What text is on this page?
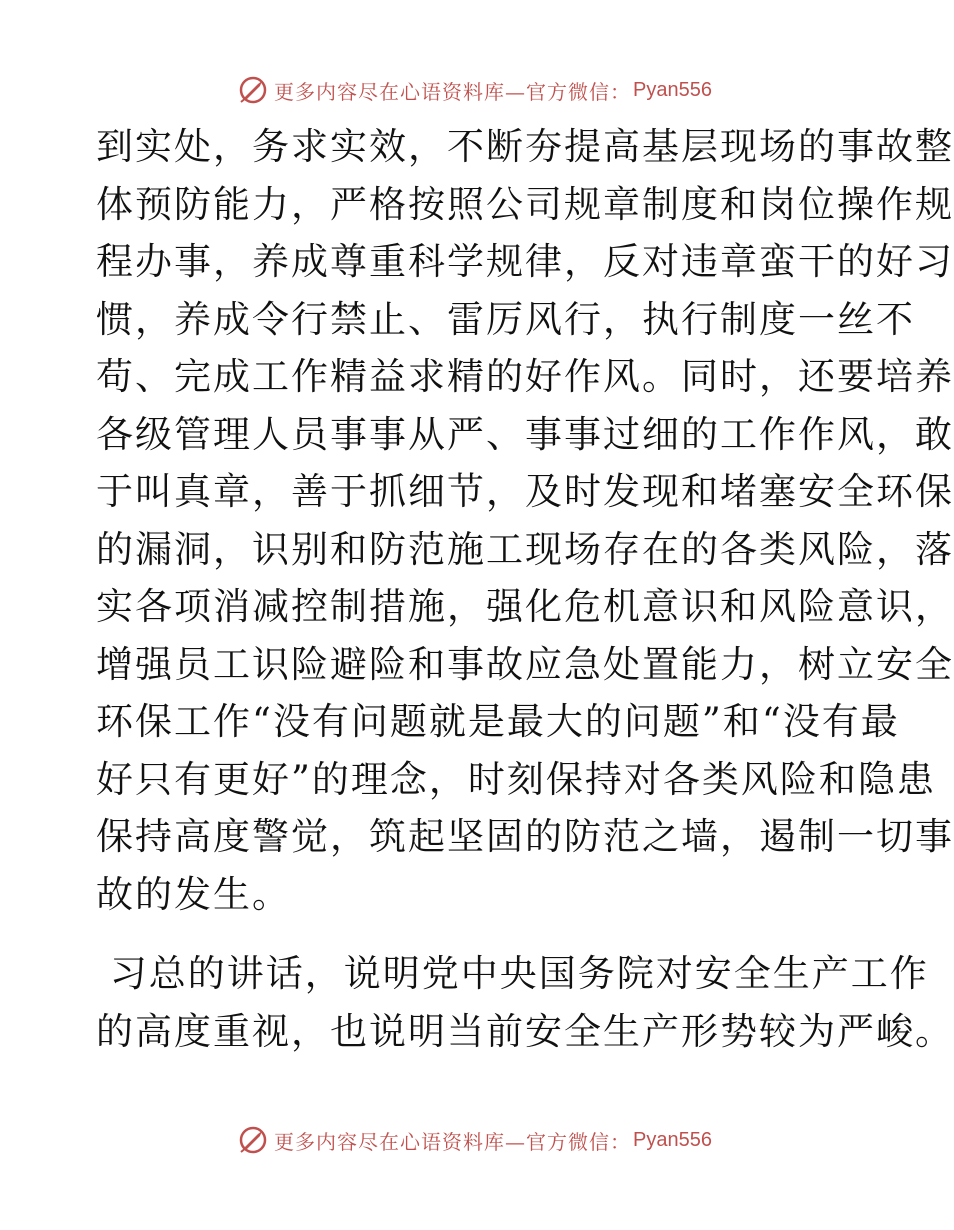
更多内容尽在心语资料库—官方微信： Pyan556
到实处，务求实效，不断夯提高基层现场的事故整
体预防能力，严格按照公司规章制度和岗位操作规
程办事，养成尊重科学规律，反对违章蛮干的好习
惯，养成令行禁止、雷厉风行，执行制度一丝不
苟、完成工作精益求精的好作风。同时，还要培养
各级管理人员事事从严、事事过细的工作作风，敢
于叫真章，善于抓细节，及时发现和堵塞安全环保
的漏洞，识别和防范施工现场存在的各类风险，落
实各项消减控制措施，强化危机意识和风险意识，
增强员工识险避险和事故应急处置能力，树立安全
环保工作“没有问题就是最大的问题”和“没有最
好只有更好”的理念，时刻保持对各类风险和隐患
保持高度警觉，筑起坚固的防范之墙，遏制一切事
故的发生。
习总的讲话，说明党中央国务院对安全生产工作
的高度重视，也说明当前安全生产形势较为严峻。
更多内容尽在心语资料库—官方微信： Pyan556
